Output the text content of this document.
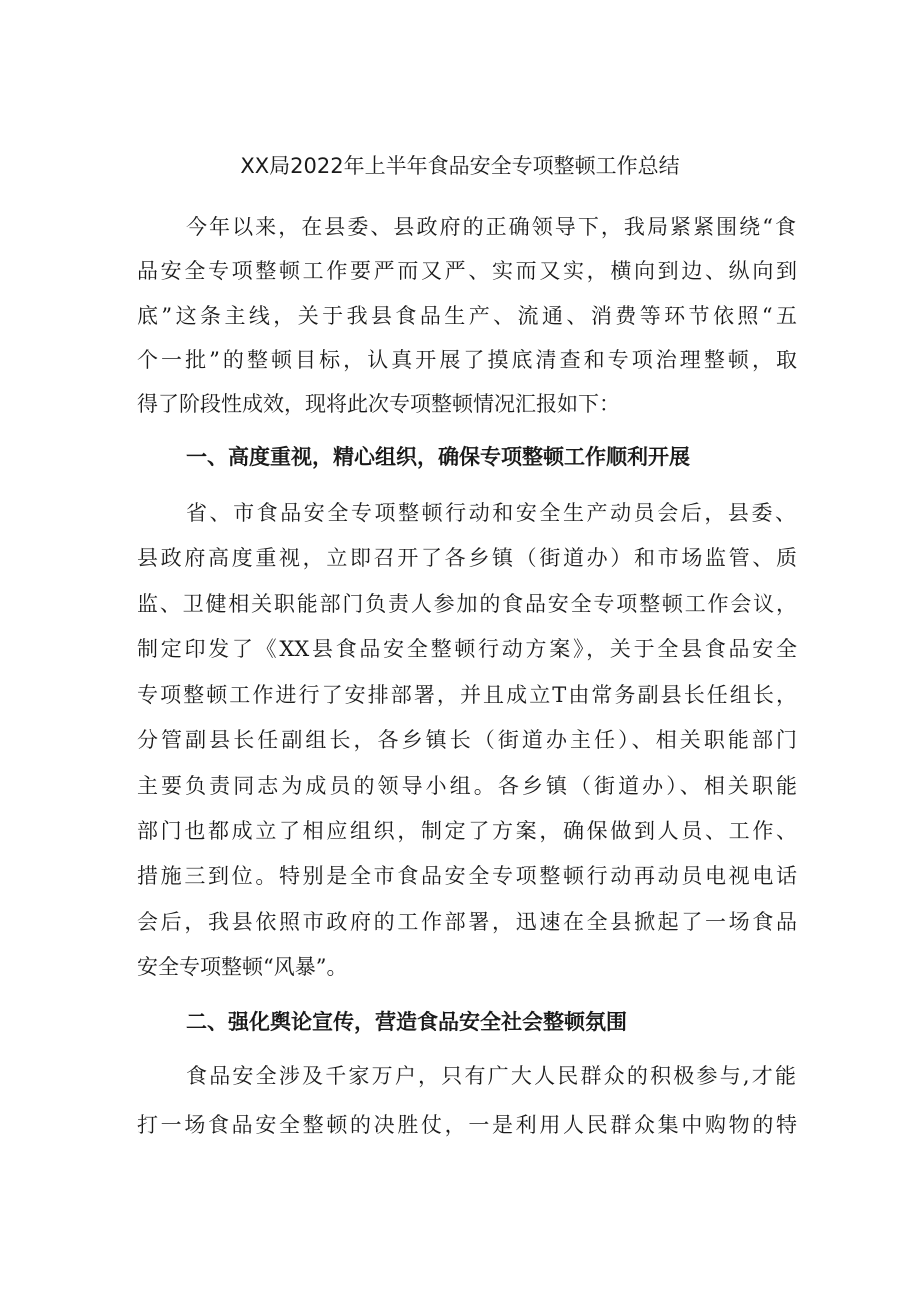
XX局2022年上半年食品安全专项整顿工作总结
今年以来，在县委、县政府的正确领导下，我局紧紧围绕“食
品安全专项整顿工作要严而又严、实而又实，横向到边、纵向到
底”这条主线，关于我县食品生产、流通、消费等环节依照“五
个一批”的整顿目标，认真开展了摸底清查和专项治理整顿，取
得了阶段性成效，现将此次专项整顿情况汇报如下：
一、高度重视，精心组织，确保专项整顿工作顺利开展
省、市食品安全专项整顿行动和安全生产动员会后，县委、
县政府高度重视，立即召开了各乡镇（街道办）和市场监管、质
监、卫健相关职能部门负责人参加的食品安全专项整顿工作会议，
制定印发了《XX县食品安全整顿行动方案》，关于全县食品安全
专项整顿工作进行了安排部署，并且成立T由常务副县长任组长，
分管副县长任副组长，各乡镇长（街道办主任）、相关职能部门
主要负责同志为成员的领导小组。各乡镇（街道办）、相关职能
部门也都成立了相应组织，制定了方案，确保做到人员、工作、
措施三到位。特别是全市食品安全专项整顿行动再动员电视电话
会后，我县依照市政府的工作部署，迅速在全县掀起了一场食品
安全专项整顿“风暴”。
二、强化舆论宣传，营造食品安全社会整顿氛围
食品安全涉及千家万户，只有广大人民群众的积极参与,才能
打一场食品安全整顿的决胜仗，一是利用人民群众集中购物的特
